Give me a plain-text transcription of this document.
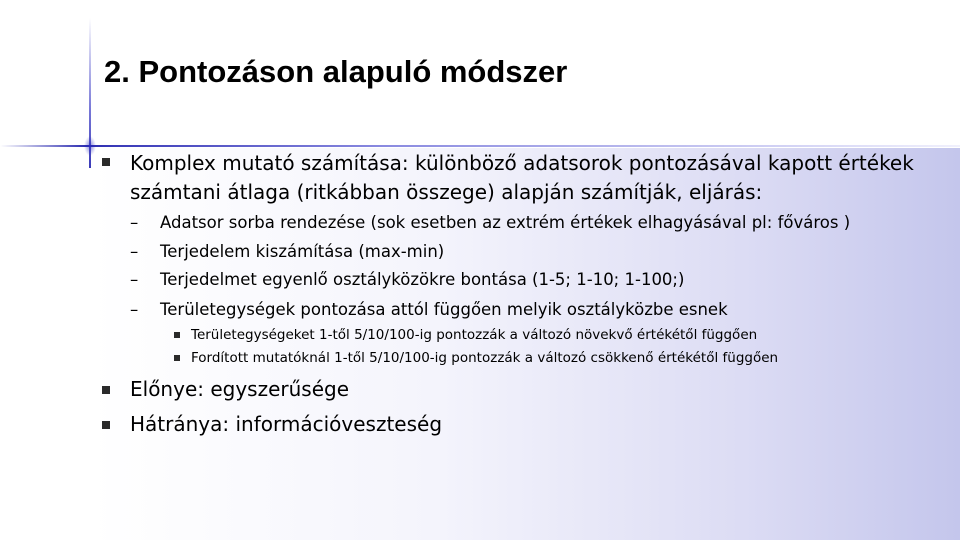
2. Pontozáson alapuló módszer
Komplex mutató számítása: különböző adatsorok pontozásával kapott értékek
számtani átlaga (ritkábban összege) alapján számítják, eljárás:
– Adatsor sorba rendezése (sok esetben az extrém értékek elhagyásával pl: főváros )
– Terjedelem kiszámítása (max-min)
– Terjedelmet egyenlő osztályközökre bontása (1-5; 1-10; 1-100;)
– Területegységek pontozása attól függően melyik osztályközbe esnek
Területegységeket 1-től 5/10/100-ig pontozzák a változó növekvő értékétől függően
Fordított mutatóknál 1-től 5/10/100-ig pontozzák a változó csökkenő értékétől függően
Előnye: egyszerűsége
Hátránya: információveszteség
